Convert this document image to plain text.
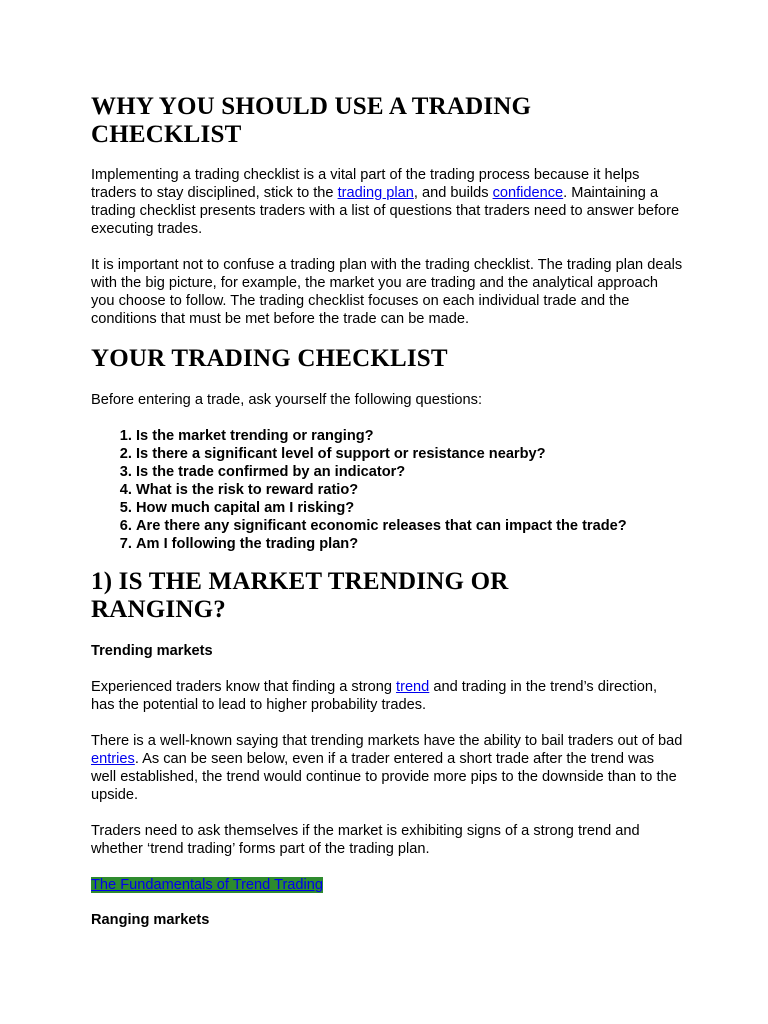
WHY YOU SHOULD USE A TRADING CHECKLIST

Implementing a trading checklist is a vital part of the trading process because it helps traders to stay disciplined, stick to the trading plan, and builds confidence. Maintaining a trading checklist presents traders with a list of questions that traders need to answer before executing trades.

It is important not to confuse a trading plan with the trading checklist. The trading plan deals with the big picture, for example, the market you are trading and the analytical approach you choose to follow. The trading checklist focuses on each individual trade and the conditions that must be met before the trade can be made.

YOUR TRADING CHECKLIST

Before entering a trade, ask yourself the following questions:

1. Is the market trending or ranging?
2. Is there a significant level of support or resistance nearby?
3. Is the trade confirmed by an indicator?
4. What is the risk to reward ratio?
5. How much capital am I risking?
6. Are there any significant economic releases that can impact the trade?
7. Am I following the trading plan?
1) IS THE MARKET TRENDING OR RANGING?

Trending markets

Experienced traders know that finding a strong trend and trading in the trend’s direction, has the potential to lead to higher probability trades.

There is a well-known saying that trending markets have the ability to bail traders out of bad entries. As can be seen below, even if a trader entered a short trade after the trend was well established, the trend would continue to provide more pips to the downside than to the upside.

Traders need to ask themselves if the market is exhibiting signs of a strong trend and whether ‘trend trading’ forms part of the trading plan.

The Fundamentals of Trend Trading

Ranging markets
